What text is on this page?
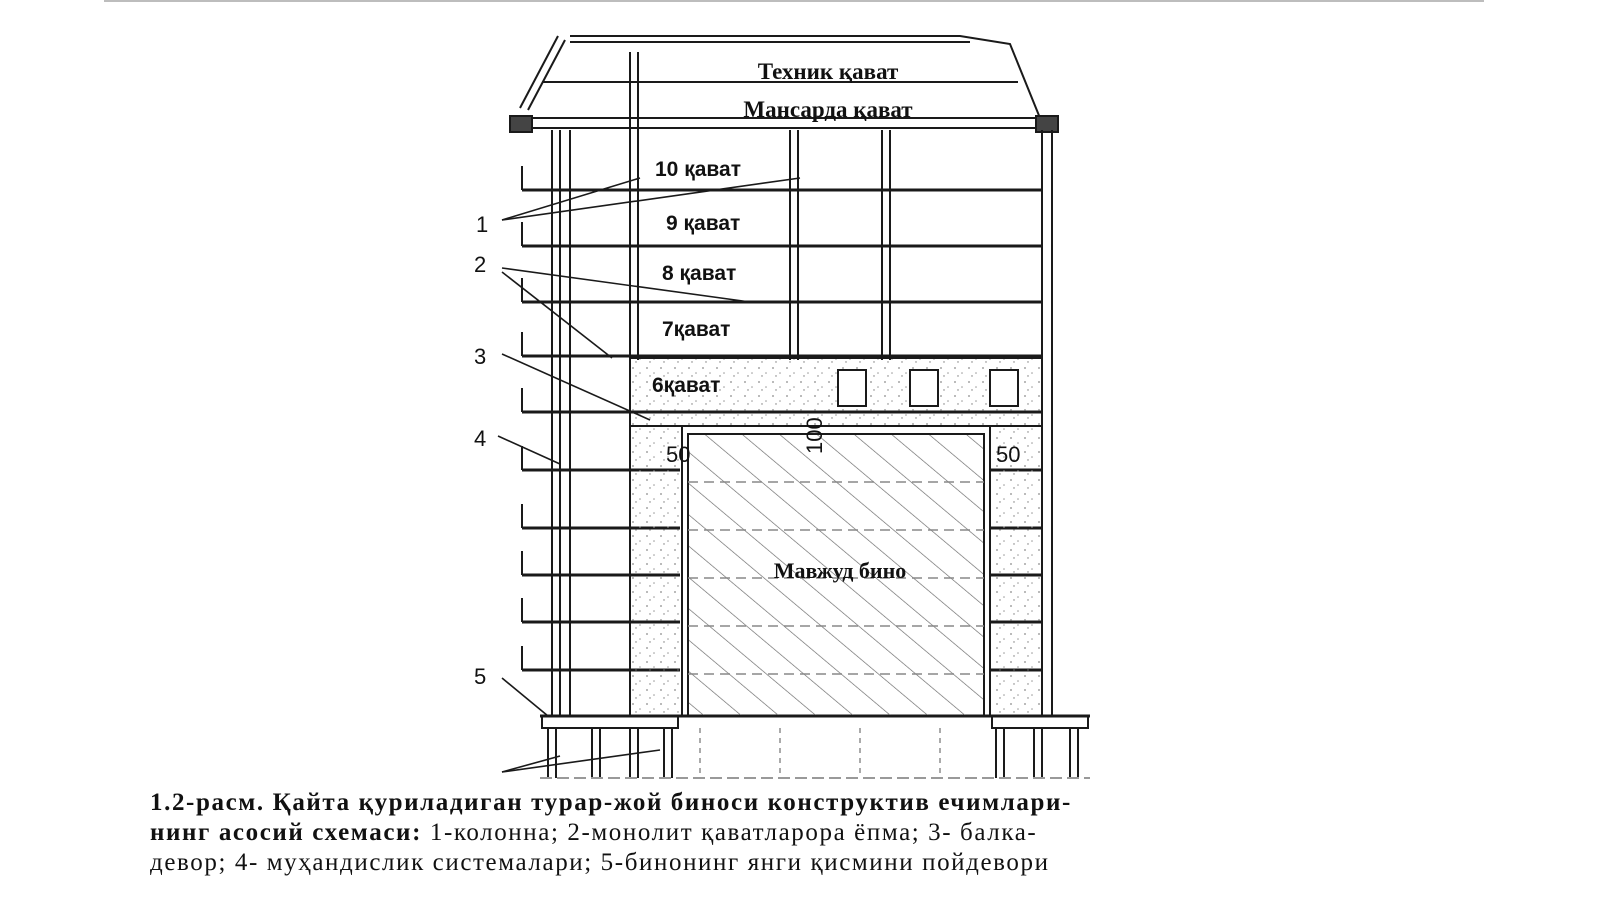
Техник қават
Мансарда қават
10 қават
9 қават
8 қават
7қават
6қават
Мавжуд бино
50
100
50
1
2
3
4
5
1.2-расм. Қайта қуриладиган турар-жой биноси конструктив ечимлари-
нинг асосий схемаси: 1-колонна; 2-монолит қаватларора ёпма; 3- балка-
девор; 4- муҳандислик системалари; 5-бинонинг янги қисмини пойдевори
